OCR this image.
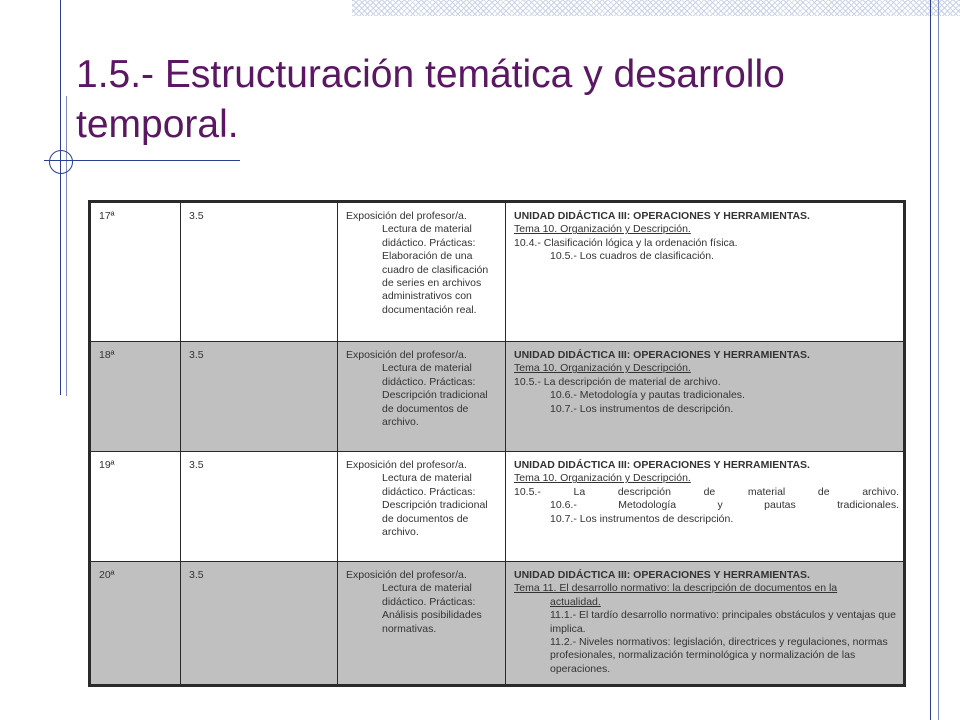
1.5.- Estructuración temática y desarrollo temporal.
17ª	3.5	Exposición del profesor/a.
Lectura de material didáctico. Prácticas: Elaboración de una cuadro de clasificación de series en archivos administrativos con documentación real.	UNIDAD DIDÁCTICA III: OPERACIONES Y HERRAMIENTAS.
Tema 10. Organización y Descripción.
10.4.- Clasificación lógica y la ordenación física.
10.5.- Los cuadros de clasificación.

18ª	3.5	Exposición del profesor/a.
Lectura de material didáctico. Prácticas: Descripción tradicional de documentos de archivo.	UNIDAD DIDÁCTICA III: OPERACIONES Y HERRAMIENTAS.
Tema 10. Organización y Descripción.
10.5.- La descripción de material de archivo.
10.6.- Metodología y pautas tradicionales.
10.7.- Los instrumentos de descripción.

19ª	3.5	Exposición del profesor/a.
Lectura de material didáctico. Prácticas: Descripción tradicional de documentos de archivo.	UNIDAD DIDÁCTICA III: OPERACIONES Y HERRAMIENTAS.
Tema 10. Organización y Descripción.
10.5.- La descripción de material de archivo.
10.6.- Metodología y pautas tradicionales.
10.7.- Los instrumentos de descripción.

20ª	3.5	Exposición del profesor/a.
Lectura de material didáctico. Prácticas: Análisis posibilidades normativas.	UNIDAD DIDÁCTICA III: OPERACIONES Y HERRAMIENTAS.
Tema 11. El desarrollo normativo: la descripción de documentos en la
actualidad.
11.1.- El tardío desarrollo normativo: principales obstáculos y ventajas que implica.
11.2.- Niveles normativos: legislación, directrices y regulaciones, normas profesionales, normalización terminológica y normalización de las operaciones.
